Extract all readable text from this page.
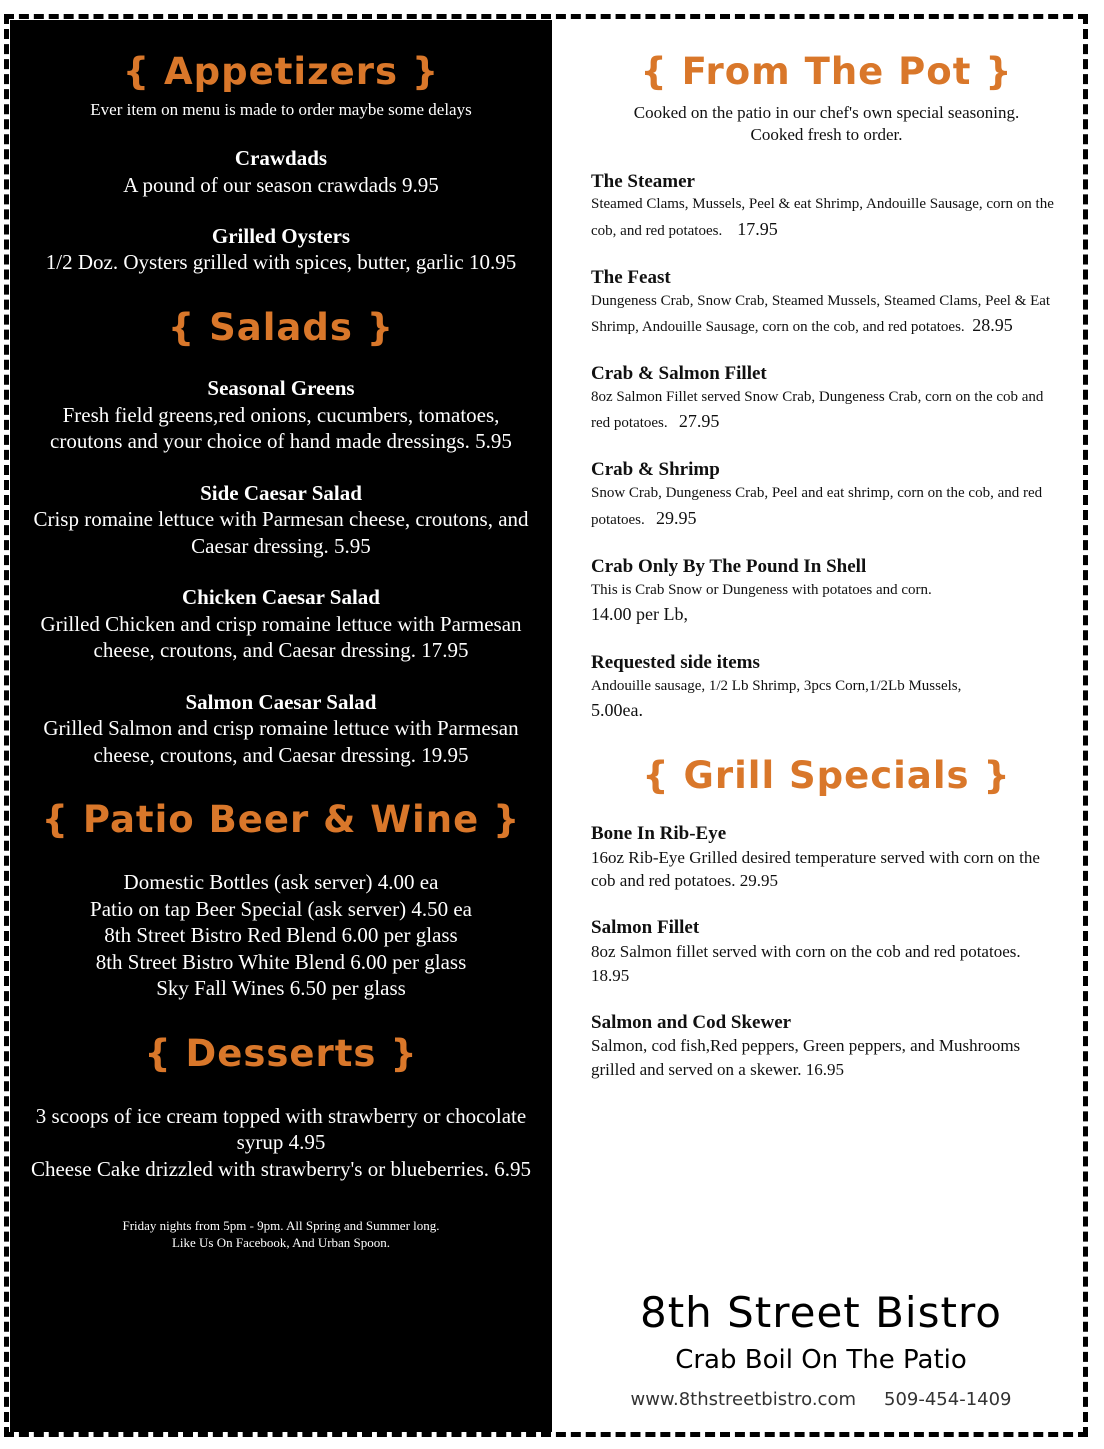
{ Appetizers }

Ever item on menu is made to order maybe some delays

Crawdads
A pound of our season crawdads 9.95
Grilled Oysters
1/2 Doz. Oysters grilled with spices, butter, garlic 10.95
{ Salads }
Seasonal Greens
Fresh field greens,red onions, cucumbers, tomatoes, croutons and your choice of hand made dressings. 5.95
Side Caesar Salad
Crisp romaine lettuce with Parmesan cheese, croutons, and Caesar dressing. 5.95
Chicken Caesar Salad
Grilled Chicken and crisp romaine lettuce with Parmesan cheese, croutons, and Caesar dressing. 17.95
Salmon Caesar Salad
Grilled Salmon and crisp romaine lettuce with Parmesan cheese, croutons, and Caesar dressing. 19.95
{ Patio Beer & Wine }
Domestic Bottles (ask server) 4.00 ea
Patio on tap Beer Special (ask server) 4.50 ea
8th Street Bistro Red Blend 6.00 per glass
8th Street Bistro White Blend 6.00 per glass
Sky Fall Wines 6.50 per glass
{ Desserts }
3 scoops of ice cream topped with strawberry or chocolate syrup 4.95
Cheese Cake drizzled with strawberry's or blueberries. 6.95
Friday nights from 5pm - 9pm. All Spring and Summer long.
Like Us On Facebook, And Urban Spoon.
{ From The Pot }
Cooked on the patio in our chef's own special seasoning.
Cooked fresh to order.
The Steamer
Steamed Clams, Mussels, Peel & eat Shrimp, Andouille Sausage, corn on the cob, and red potatoes. 17.95
The Feast
Dungeness Crab, Snow Crab, Steamed Mussels, Steamed Clams, Peel & Eat Shrimp, Andouille Sausage, corn on the cob, and red potatoes. 28.95
Crab & Salmon Fillet
8oz Salmon Fillet served Snow Crab, Dungeness Crab, corn on the cob and red potatoes. 27.95
Crab & Shrimp
Snow Crab, Dungeness Crab, Peel and eat shrimp, corn on the cob, and red potatoes. 29.95
Crab Only By The Pound In Shell
This is Crab Snow or Dungeness with potatoes and corn.
14.00 per Lb,
Requested side items
Andouille sausage, 1/2 Lb Shrimp, 3pcs Corn,1/2Lb Mussels,
5.00ea.
{ Grill Specials }
Bone In Rib-Eye
16oz Rib-Eye Grilled desired temperature served with corn on the cob and red potatoes. 29.95
Salmon Fillet
8oz Salmon fillet served with corn on the cob and red potatoes. 18.95
Salmon and Cod Skewer
Salmon, cod fish,Red peppers, Green peppers, and Mushrooms grilled and served on a skewer. 16.95

8th Street Bistro

Crab Boil On The Patio

www.8thstreetbistro.com 509-454-1409
